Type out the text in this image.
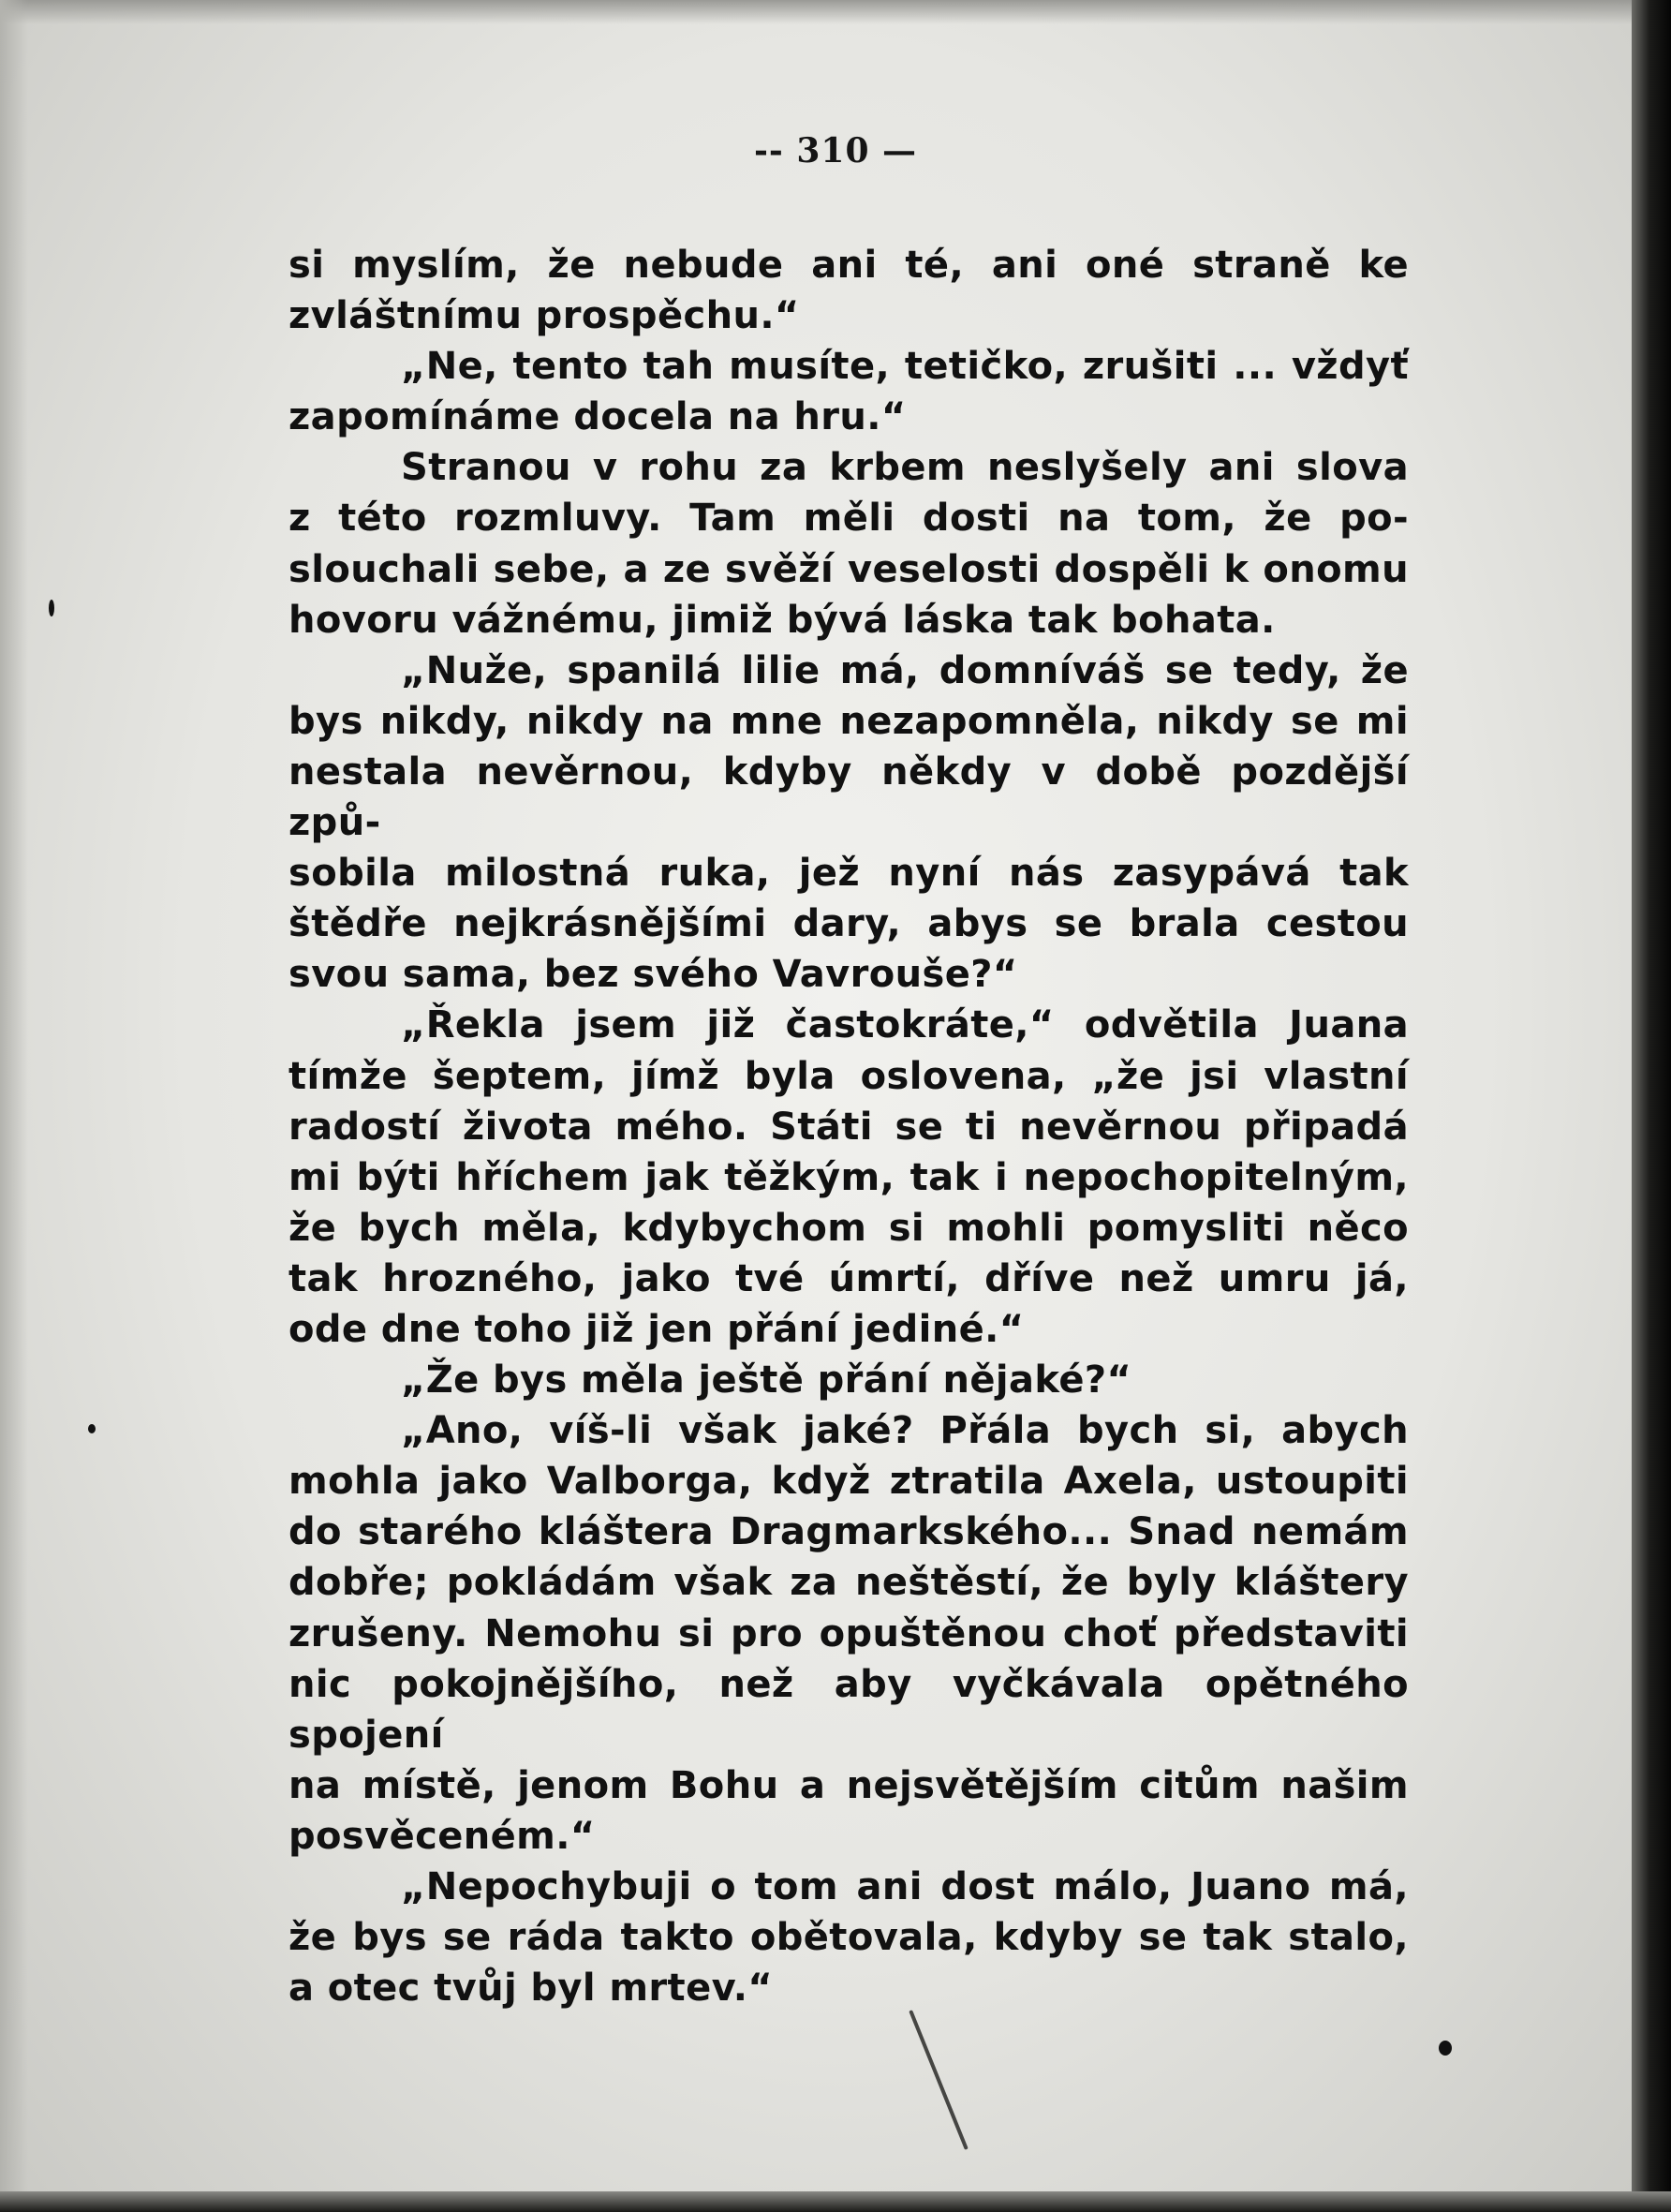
-- 310 —

si myslím, že nebude ani té, ani oné straně ke
zvláštnímu prospěchu.“

„Ne, tento tah musíte, tetičko, zrušiti ... vždyť
zapomínáme docela na hru.“

Stranou v rohu za krbem neslyšely ani slova
z této rozmluvy. Tam měli dosti na tom, že po-
slouchali sebe, a ze svěží veselosti dospěli k onomu
hovoru vážnému, jimiž bývá láska tak bohata.

„Nuže, spanilá lilie má, domníváš se tedy, že
bys nikdy, nikdy na mne nezapomněla, nikdy se mi
nestala nevěrnou, kdyby někdy v době pozdější způ-
sobila milostná ruka, jež nyní nás zasypává tak
štědře nejkrásnějšími dary, abys se brala cestou
svou sama, bez svého Vavrouše?“

„Řekla jsem již častokráte,“ odvětila Juana
tímže šeptem, jímž byla oslovena, „že jsi vlastní
radostí života mého. Státi se ti nevěrnou připadá
mi býti hříchem jak těžkým, tak i nepochopitelným,
že bych měla, kdybychom si mohli pomysliti něco
tak hrozného, jako tvé úmrtí, dříve než umru já,
ode dne toho již jen přání jediné.“

„Že bys měla ještě přání nějaké?“

„Ano, víš-li však jaké? Přála bych si, abych
mohla jako Valborga, když ztratila Axela, ustoupiti
do starého kláštera Dragmarkského... Snad nemám
dobře; pokládám však za neštěstí, že byly kláštery
zrušeny. Nemohu si pro opuštěnou choť představiti
nic pokojnějšího, než aby vyčkávala opětného spojení
na místě, jenom Bohu a nejsvětějším citům našim
posvěceném.“

„Nepochybuji o tom ani dost málo, Juano má,
že bys se ráda takto obětovala, kdyby se tak stalo,
a otec tvůj byl mrtev.“
